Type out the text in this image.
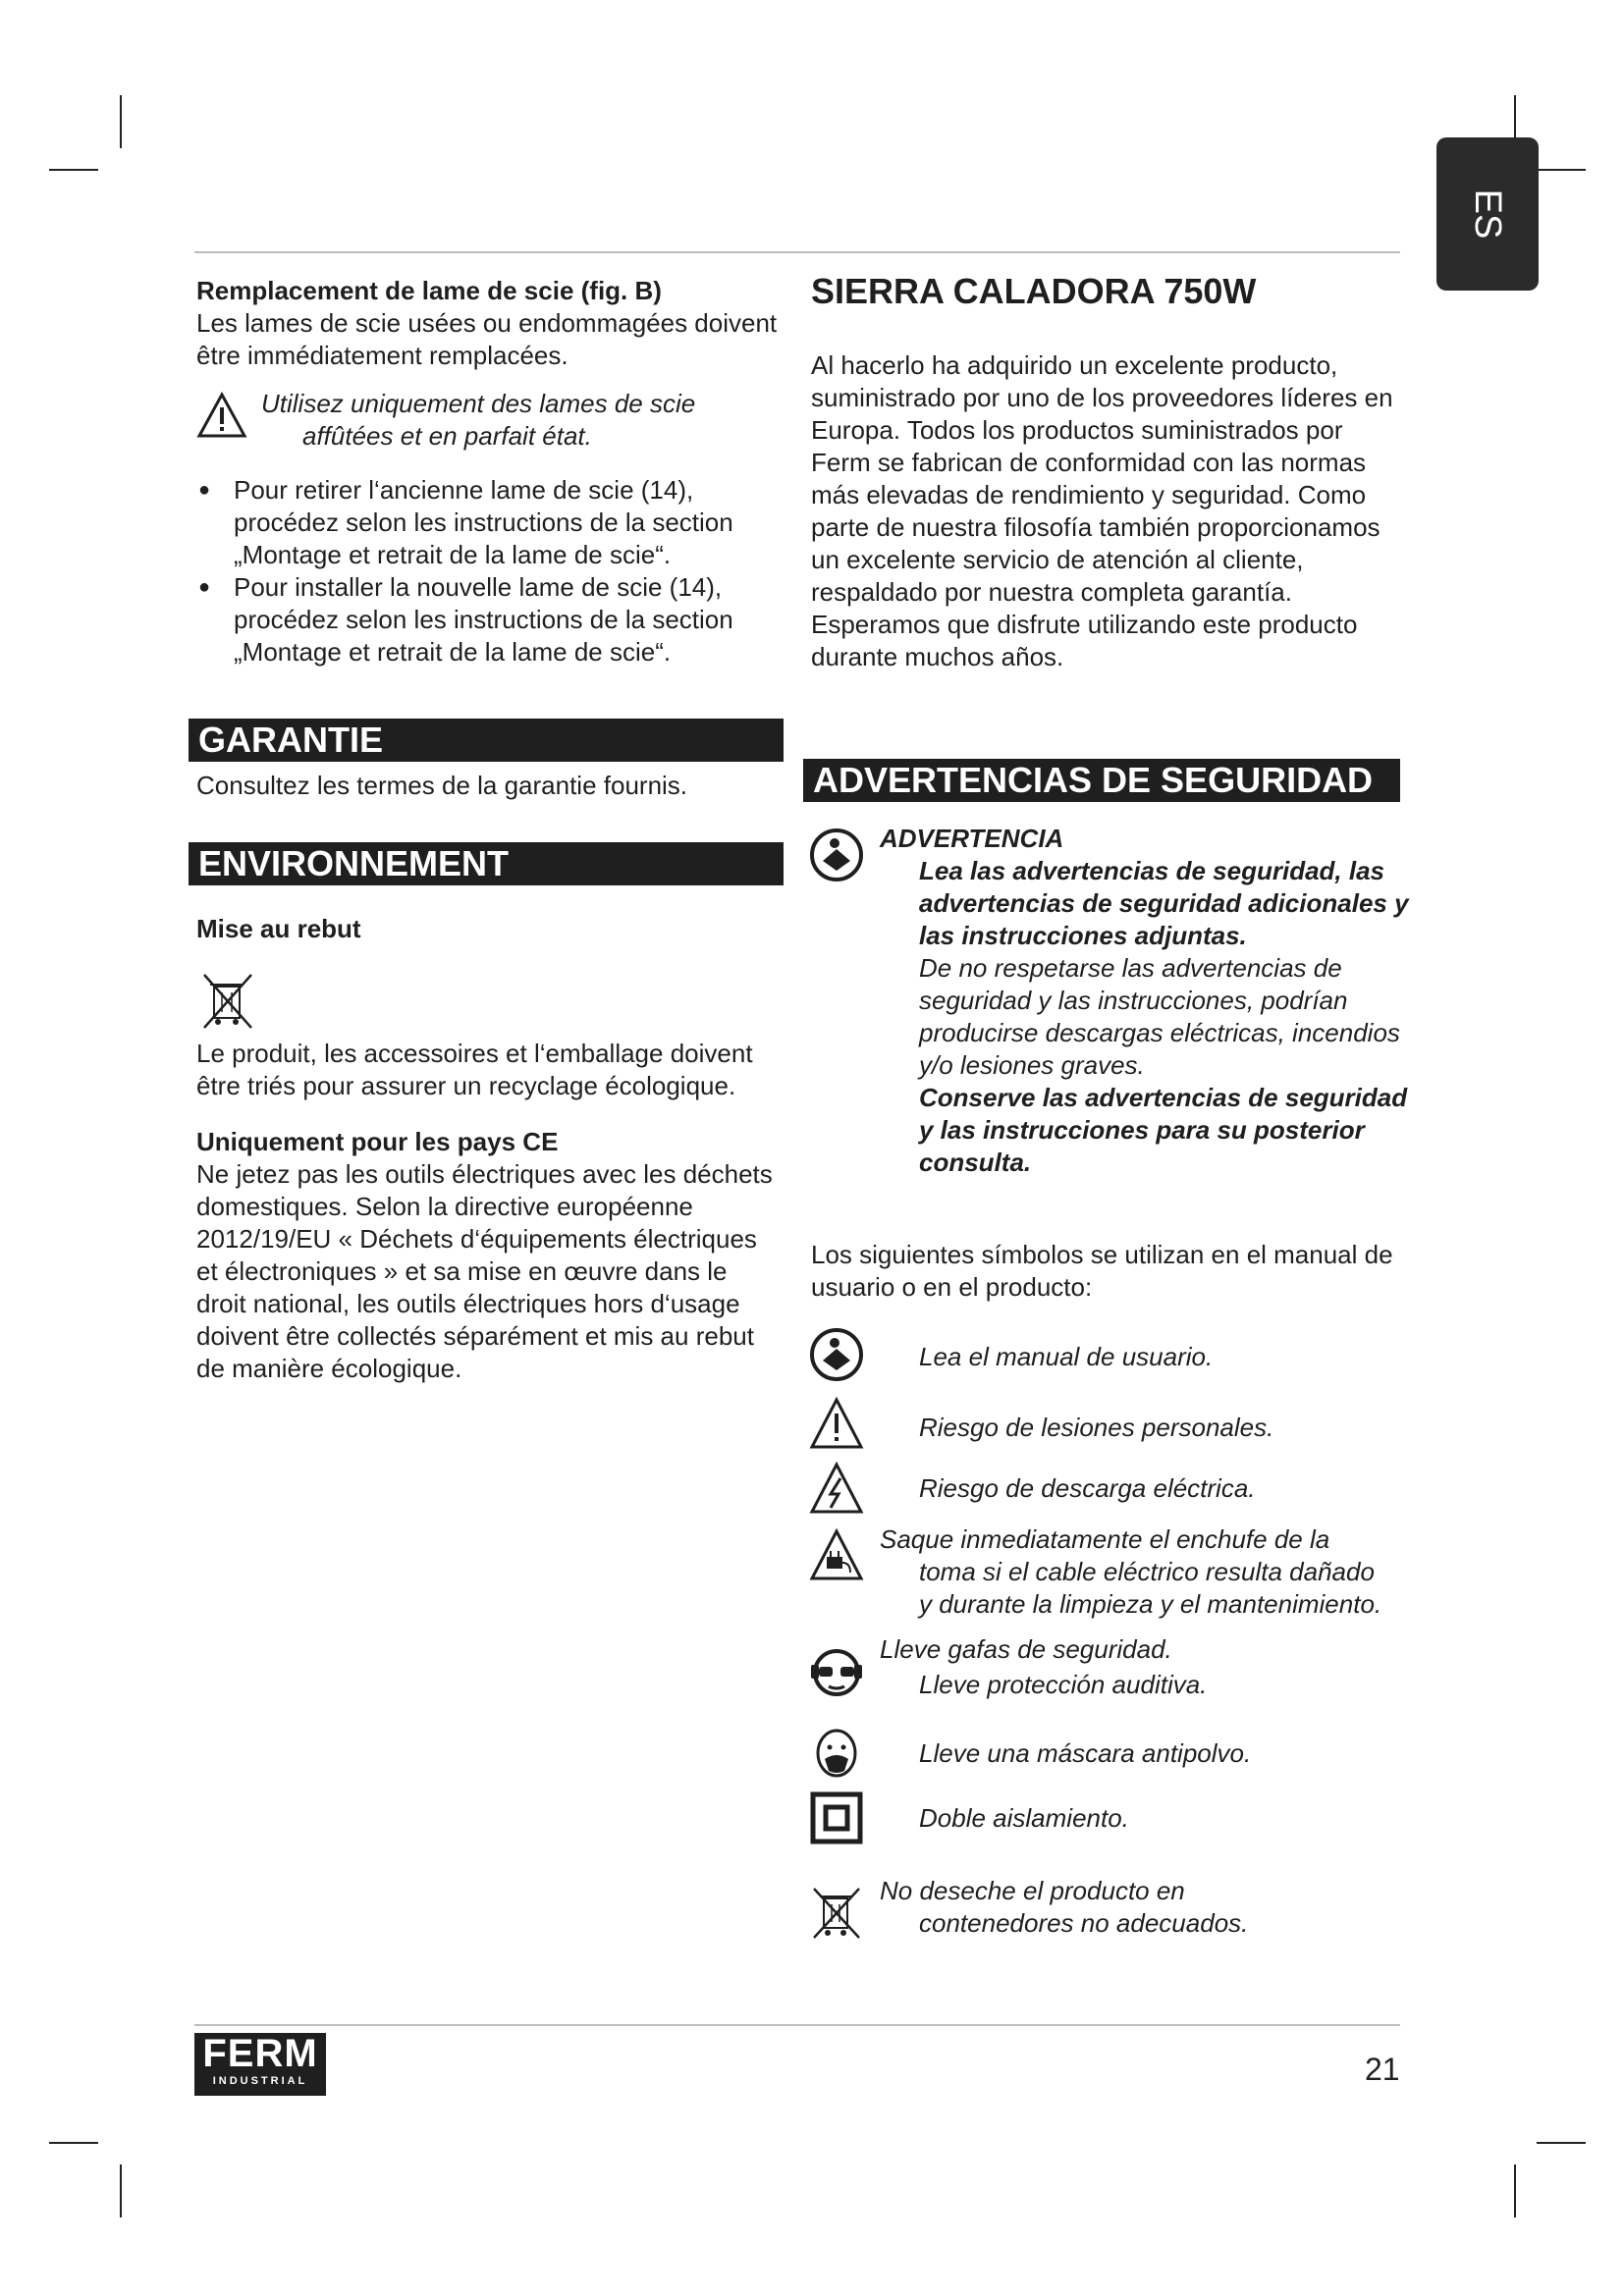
ES

Remplacement de lame de scie (fig. B)

Les lames de scie usées ou endommagées doivent être immédiatement remplacées.

Utilisez uniquement des lames de scie
affûtées et en parfait état.

● Pour retirer l‘ancienne lame de scie (14), procédez selon les instructions de la section „Montage et retrait de la lame de scie“.

● Pour installer la nouvelle lame de scie (14), procédez selon les instructions de la section „Montage et retrait de la lame de scie“.

GARANTIE

Consultez les termes de la garantie fournis.

ENVIRONNEMENT

Mise au rebut

Le produit, les accessoires et l‘emballage doivent être triés pour assurer un recyclage écologique.

Uniquement pour les pays CE

Ne jetez pas les outils électriques avec les déchets domestiques. Selon la directive européenne 2012/19/EU « Déchets d‘équipements électriques et électroniques » et sa mise en œuvre dans le droit national, les outils électriques hors d‘usage doivent être collectés séparément et mis au rebut de manière écologique.

SIERRA CALADORA 750W

Al hacerlo ha adquirido un excelente producto, suministrado por uno de los proveedores líderes en Europa. Todos los productos suministrados por Ferm se fabrican de conformidad con las normas más elevadas de rendimiento y seguridad. Como parte de nuestra filosofía también proporcionamos un excelente servicio de atención al cliente, respaldado por nuestra completa garantía. Esperamos que disfrute utilizando este producto durante muchos años.

ADVERTENCIAS DE SEGURIDAD

ADVERTENCIA

Lea las advertencias de seguridad, las advertencias de seguridad adicionales y las instrucciones adjuntas.

De no respetarse las advertencias de seguridad y las instrucciones, podrían producirse descargas eléctricas, incendios y/o lesiones graves.

Conserve las advertencias de seguridad y las instrucciones para su posterior consulta.

Los siguientes símbolos se utilizan en el manual de usuario o en el producto:

Lea el manual de usuario.
Riesgo de lesiones personales.
Riesgo de descarga eléctrica.
Saque inmediatamente el enchufe de la
toma si el cable eléctrico resulta dañado
y durante la limpieza y el mantenimiento.
Lleve gafas de seguridad.
Lleve protección auditiva.
Lleve una máscara antipolvo.
Doble aislamiento.
No deseche el producto en
contenedores no adecuados.
FERM
INDUSTRIAL	21
